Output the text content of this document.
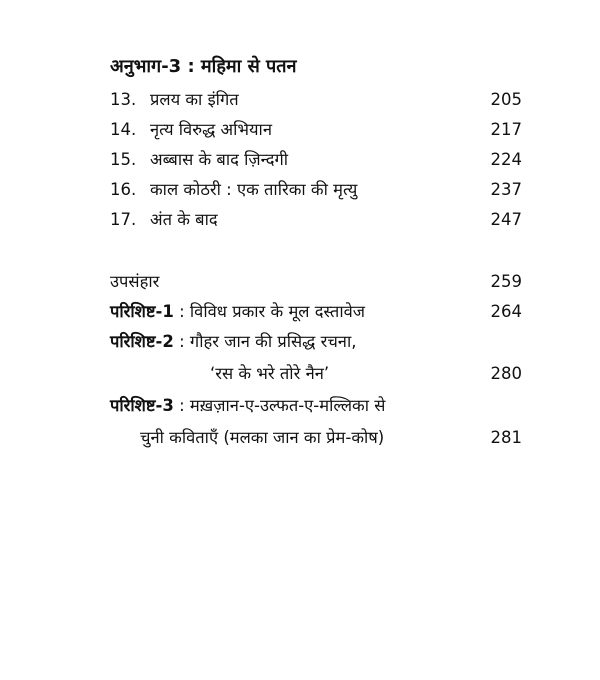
अनुभाग-3 : महिमा से पतन
13. प्रलय का इंगित	205
14. नृत्य विरुद्ध अभियान	217
15. अब्बास के बाद ज़िन्दगी	224
16. काल कोठरी : एक तारिका की मृत्यु	237
17. अंत के बाद	247
उपसंहार	259
परिशिष्ट-1 : विविध प्रकार के मूल दस्तावेज	264
परिशिष्ट-2 : गौहर जान की प्रसिद्ध रचना,
‘रस के भरे तोरे नैन’	280
परिशिष्ट-3 : मख़ज़ान-ए-उल्फत-ए-मल्लिका से
चुनी कविताएँ (मलका जान का प्रेम-कोष)	281
